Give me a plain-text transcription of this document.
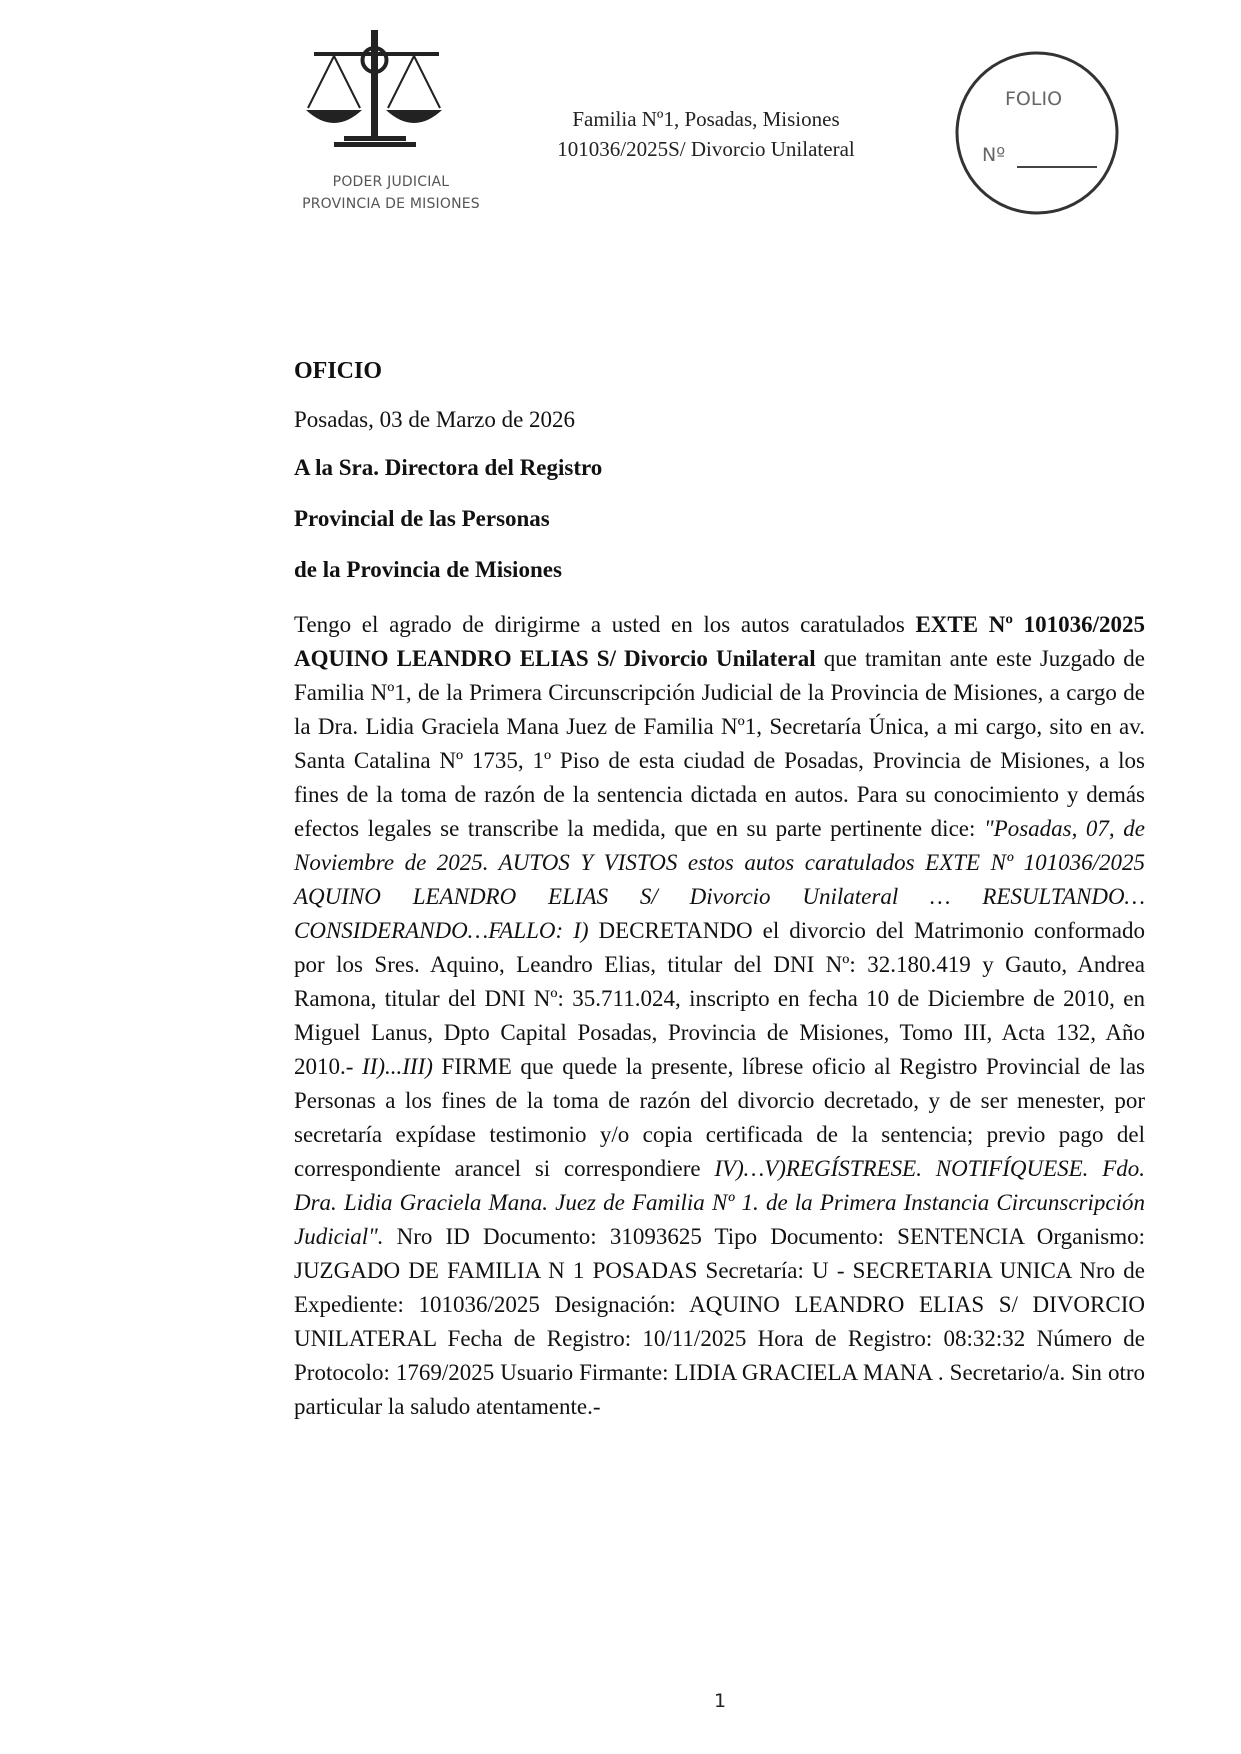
PODER JUDICIAL
PROVINCIA DE MISIONES
Familia Nº1, Posadas, Misiones
101036/2025S/ Divorcio Unilateral
FOLIO
Nº
OFICIO
Posadas, 03 de Marzo de 2026
A la Sra. Directora del Registro
Provincial de las Personas
de la Provincia de Misiones

Tengo el agrado de dirigirme a usted en los autos caratulados EXTE Nº 101036/2025 AQUINO LEANDRO ELIAS S/ Divorcio Unilateral que tramitan ante este Juzgado de Familia Nº1, de la Primera Circunscripción Judicial de la Provincia de Misiones, a cargo de la Dra. Lidia Graciela Mana Juez de Familia Nº1, Secretaría Única, a mi cargo, sito en av. Santa Catalina Nº 1735, 1º Piso de esta ciudad de Posadas, Provincia de Misiones, a los fines de la toma de razón de la sentencia dictada en autos. Para su conocimiento y demás efectos legales se transcribe la medida, que en su parte pertinente dice: "Posadas, 07, de Noviembre de 2025. AUTOS Y VISTOS estos autos caratulados EXTE Nº 101036/2025 AQUINO LEANDRO ELIAS S/ Divorcio Unilateral … RESULTANDO…CONSIDERANDO…FALLO: I) DECRETANDO el divorcio del Matrimonio conformado por los Sres. Aquino, Leandro Elias, titular del DNI Nº: 32.180.419 y Gauto, Andrea Ramona, titular del DNI Nº: 35.711.024, inscripto en fecha 10 de Diciembre de 2010, en Miguel Lanus, Dpto Capital Posadas, Provincia de Misiones, Tomo III, Acta 132, Año 2010.- II)...III) FIRME que quede la presente, líbrese oficio al Registro Provincial de las Personas a los fines de la toma de razón del divorcio decretado, y de ser menester, por secretaría expídase testimonio y/o copia certificada de la sentencia; previo pago del correspondiente arancel si correspondiere IV)…V)REGÍSTRESE. NOTIFÍQUESE. Fdo. Dra. Lidia Graciela Mana. Juez de Familia Nº 1. de la Primera Instancia Circunscripción Judicial". Nro ID Documento: 31093625 Tipo Documento: SENTENCIA Organismo: JUZGADO DE FAMILIA N 1 POSADAS Secretaría: U - SECRETARIA UNICA Nro de Expediente: 101036/2025 Designación: AQUINO LEANDRO ELIAS S/ DIVORCIO UNILATERAL Fecha de Registro: 10/11/2025 Hora de Registro: 08:32:32 Número de Protocolo: 1769/2025 Usuario Firmante: LIDIA GRACIELA MANA . Secretario/a. Sin otro particular la saludo atentamente.-

1
